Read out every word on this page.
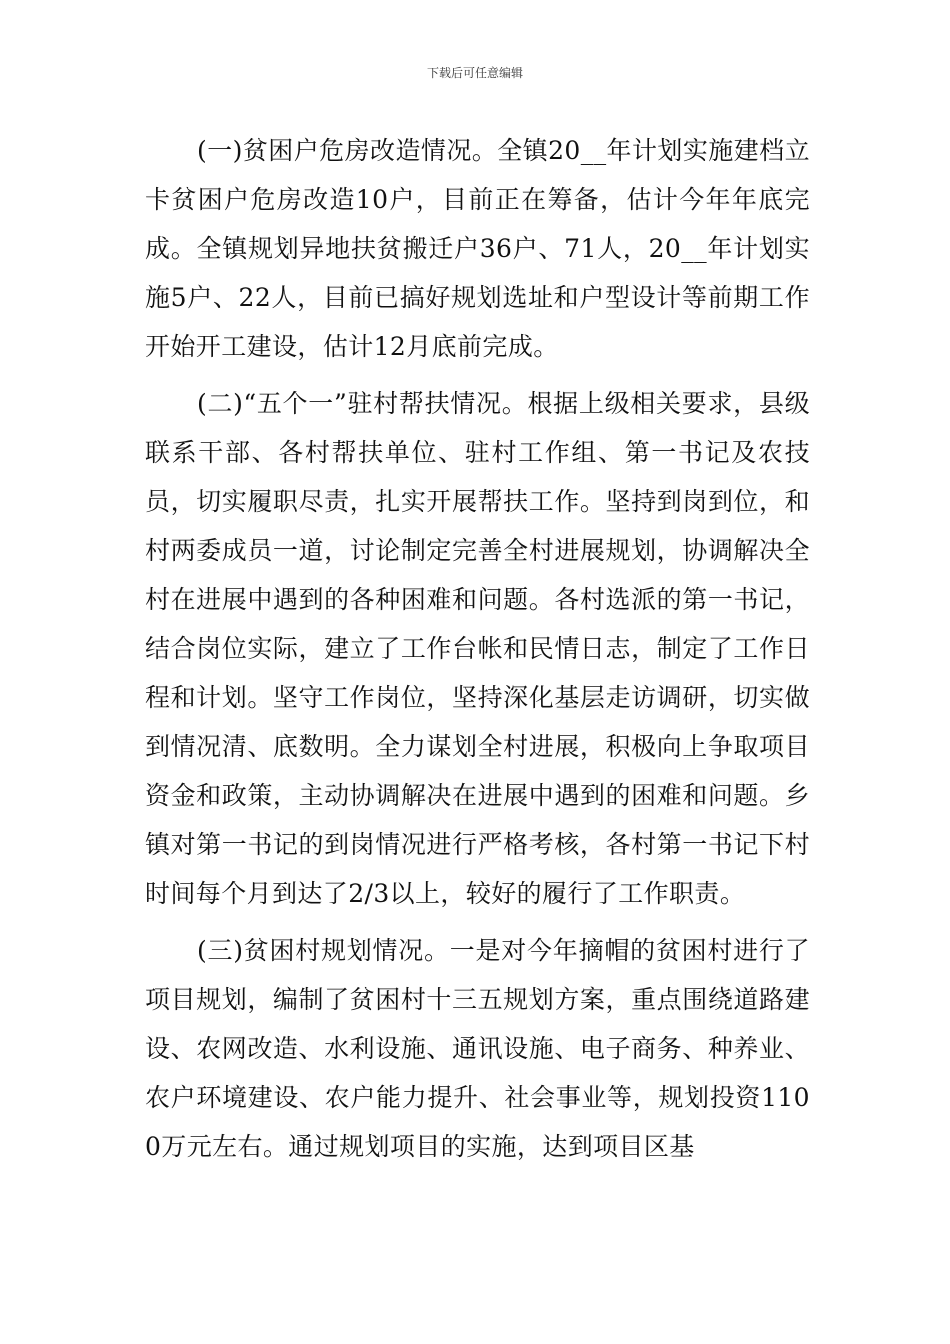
下载后可任意编辑

(一)贫困户危房改造情况。全镇20__年计划实施建档立卡贫困户危房改造10户，目前正在筹备，估计今年年底完成。全镇规划异地扶贫搬迁户36户、71人，20__年计划实施5户、22人，目前已搞好规划选址和户型设计等前期工作开始开工建设，估计12月底前完成。

(二)“五个一”驻村帮扶情况。根据上级相关要求，县级联系干部、各村帮扶单位、驻村工作组、第一书记及农技员，切实履职尽责，扎实开展帮扶工作。坚持到岗到位，和村两委成员一道，讨论制定完善全村进展规划，协调解决全村在进展中遇到的各种困难和问题。各村选派的第一书记，结合岗位实际，建立了工作台帐和民情日志，制定了工作日程和计划。坚守工作岗位，坚持深化基层走访调研，切实做到情况清、底数明。全力谋划全村进展，积极向上争取项目资金和政策，主动协调解决在进展中遇到的困难和问题。乡镇对第一书记的到岗情况进行严格考核，各村第一书记下村时间每个月到达了2/3以上，较好的履行了工作职责。

(三)贫困村规划情况。一是对今年摘帽的贫困村进行了项目规划，编制了贫困村十三五规划方案，重点围绕道路建设、农网改造、水利设施、通讯设施、电子商务、种养业、农户环境建设、农户能力提升、社会事业等，规划投资1100万元左右。通过规划项目的实施，达到项目区基
